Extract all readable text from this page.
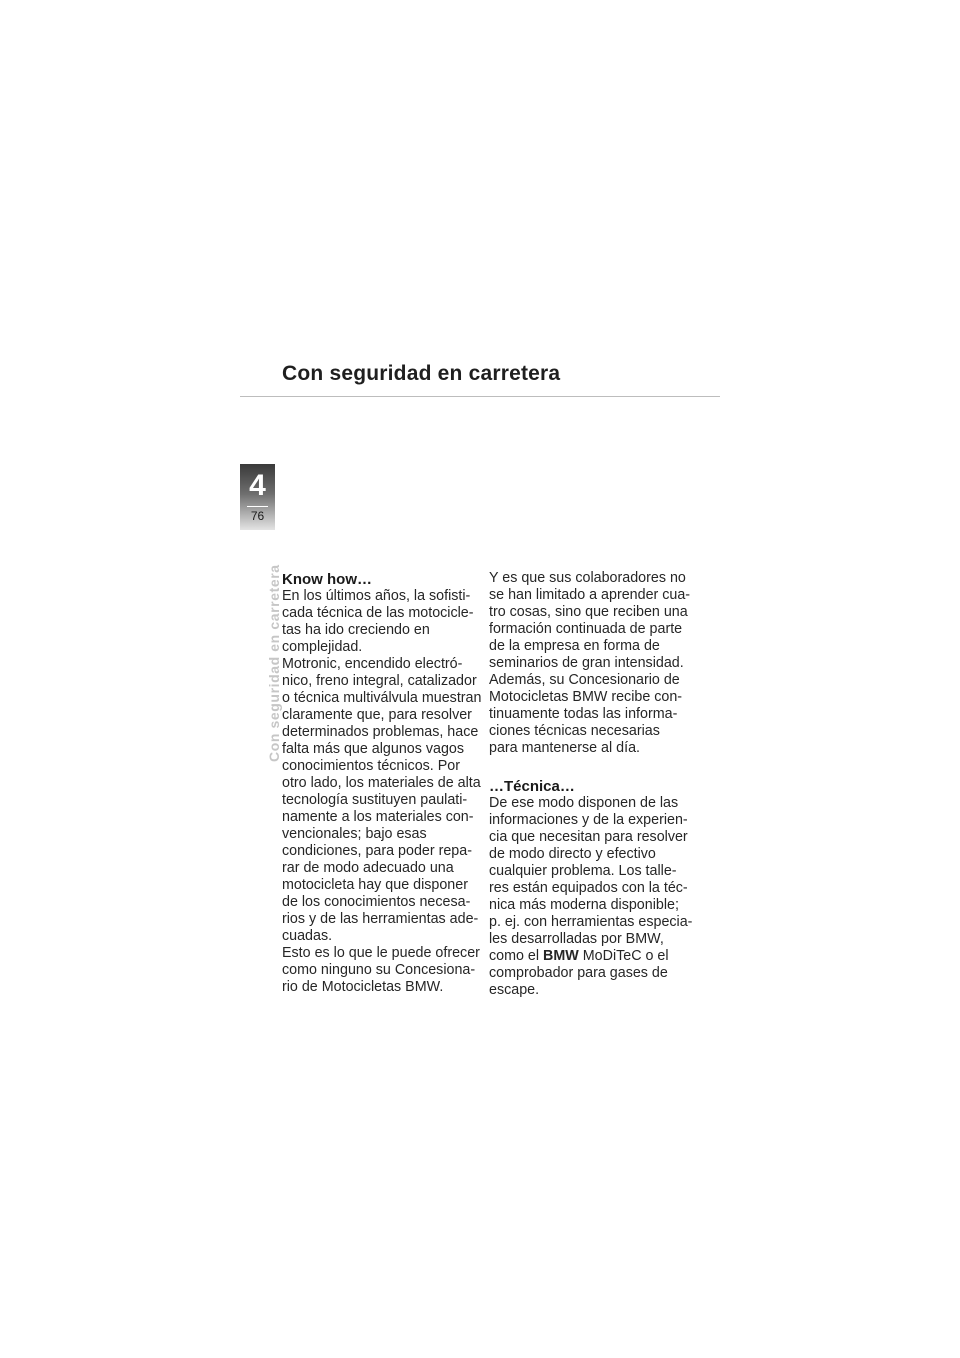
Con seguridad en carretera
4
76
Con seguridad en carretera Know how…
En los últimos años, la sofisti-
cada técnica de las motocicle-
tas ha ido creciendo en
complejidad.
Motronic, encendido electró-
nico, freno integral, catalizador
o técnica multiválvula muestran
claramente que, para resolver
determinados problemas, hace
falta más que algunos vagos
conocimientos técnicos. Por
otro lado, los materiales de alta
tecnología sustituyen paulati-
namente a los materiales con-
vencionales; bajo esas
condiciones, para poder repa-
rar de modo adecuado una
motocicleta hay que disponer
de los conocimientos necesa-
rios y de las herramientas ade-
cuadas.
Esto es lo que le puede ofrecer
como ninguno su Concesiona-
rio de Motocicletas BMW.
Y es que sus colaboradores no
se han limitado a aprender cua-
tro cosas, sino que reciben una
formación continuada de parte
de la empresa en forma de
seminarios de gran intensidad.
Además, su Concesionario de
Motocicletas BMW recibe con-
tinuamente todas las informa-
ciones técnicas necesarias
para mantenerse al día.
…Técnica…
De ese modo disponen de las
informaciones y de la experien-
cia que necesitan para resolver
de modo directo y efectivo
cualquier problema. Los talle-
res están equipados con la téc-
nica más moderna disponible;
p. ej. con herramientas especia-
les desarrolladas por BMW,
como el BMW MoDiTeC o el
comprobador para gases de
escape.
